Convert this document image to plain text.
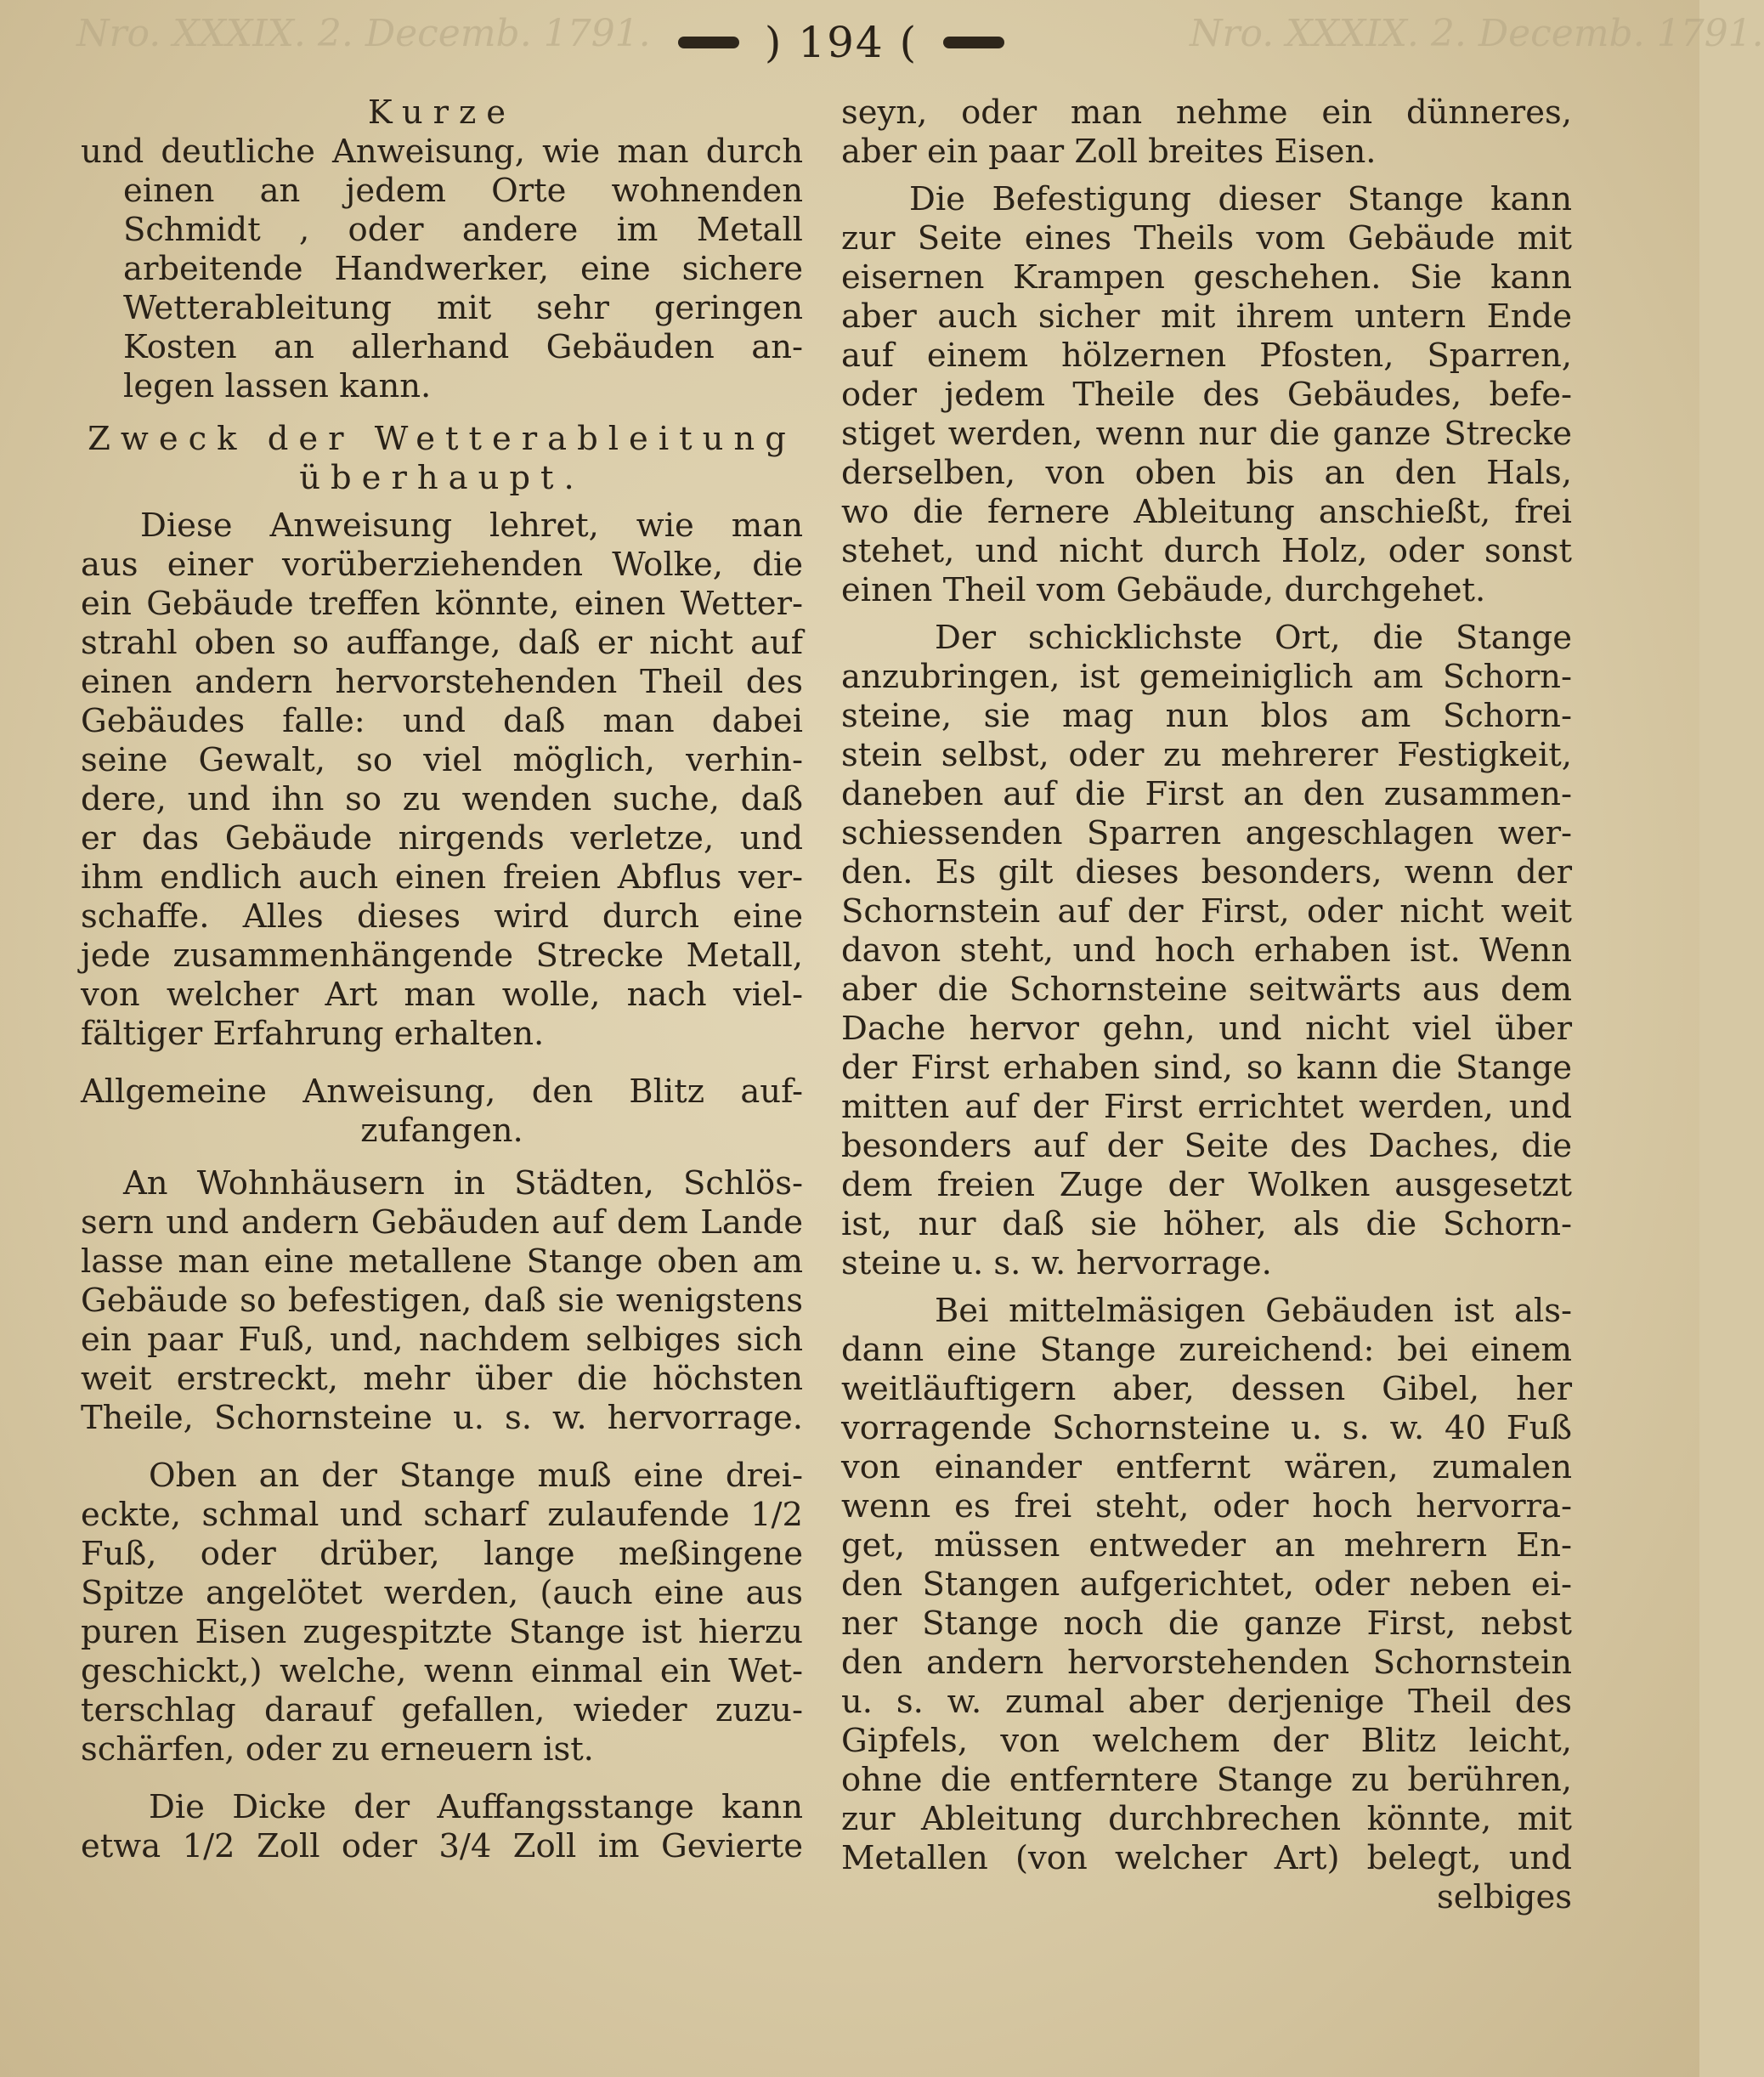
Nro. XXXIX. 2. Decemb. 1791.	Nro. XXXIX. 2. Decemb. 1791.
) 194 (
Kurze
und deutliche Anweisung, wie man durch
einen an jedem Orte wohnenden
Schmidt , oder andere im Metall
arbeitende Handwerker, eine sichere
Wetterableitung mit sehr geringen
Kosten an allerhand Gebäuden an-
legen lassen kann.
Zweck der Wetterableitung
überhaupt.
Diese Anweisung lehret, wie man
aus einer vorüberziehenden Wolke, die
ein Gebäude treffen könnte, einen Wetter-
strahl oben so auffange, daß er nicht auf
einen andern hervorstehenden Theil des
Gebäudes falle: und daß man dabei
seine Gewalt, so viel möglich, verhin-
dere, und ihn so zu wenden suche, daß
er das Gebäude nirgends verletze, und
ihm endlich auch einen freien Abflus ver-
schaffe. Alles dieses wird durch eine
jede zusammenhängende Strecke Metall,
von welcher Art man wolle, nach viel-
fältiger Erfahrung erhalten.
Allgemeine Anweisung, den Blitz auf-
zufangen.
An Wohnhäusern in Städten, Schlös-
sern und andern Gebäuden auf dem Lande
lasse man eine metallene Stange oben am
Gebäude so befestigen, daß sie wenigstens
ein paar Fuß, und, nachdem selbiges sich
weit erstreckt, mehr über die höchsten
Theile, Schornsteine u. s. w. hervorrage.
Oben an der Stange muß eine drei-
eckte, schmal und scharf zulaufende 1/2
Fuß, oder drüber, lange meßingene
Spitze angelötet werden, (auch eine aus
puren Eisen zugespitzte Stange ist hierzu
geschickt,) welche, wenn einmal ein Wet-
terschlag darauf gefallen, wieder zuzu-
schärfen, oder zu erneuern ist.
Die Dicke der Auffangsstange kann
etwa 1/2 Zoll oder 3/4 Zoll im Gevierte
seyn, oder man nehme ein dünneres,
aber ein paar Zoll breites Eisen.
Die Befestigung dieser Stange kann
zur Seite eines Theils vom Gebäude mit
eisernen Krampen geschehen. Sie kann
aber auch sicher mit ihrem untern Ende
auf einem hölzernen Pfosten, Sparren,
oder jedem Theile des Gebäudes, befe-
stiget werden, wenn nur die ganze Strecke
derselben, von oben bis an den Hals,
wo die fernere Ableitung anschießt, frei
stehet, und nicht durch Holz, oder sonst
einen Theil vom Gebäude, durchgehet.
Der schicklichste Ort, die Stange
anzubringen, ist gemeiniglich am Schorn-
steine, sie mag nun blos am Schorn-
stein selbst, oder zu mehrerer Festigkeit,
daneben auf die First an den zusammen-
schiessenden Sparren angeschlagen wer-
den. Es gilt dieses besonders, wenn der
Schornstein auf der First, oder nicht weit
davon steht, und hoch erhaben ist. Wenn
aber die Schornsteine seitwärts aus dem
Dache hervor gehn, und nicht viel über
der First erhaben sind, so kann die Stange
mitten auf der First errichtet werden, und
besonders auf der Seite des Daches, die
dem freien Zuge der Wolken ausgesetzt
ist, nur daß sie höher, als die Schorn-
steine u. s. w. hervorrage.
Bei mittelmäsigen Gebäuden ist als-
dann eine Stange zureichend: bei einem
weitläuftigern aber, dessen Gibel, her
vorragende Schornsteine u. s. w. 40 Fuß
von einander entfernt wären, zumalen
wenn es frei steht, oder hoch hervorra-
get, müssen entweder an mehrern En-
den Stangen aufgerichtet, oder neben ei-
ner Stange noch die ganze First, nebst
den andern hervorstehenden Schornstein
u. s. w. zumal aber derjenige Theil des
Gipfels, von welchem der Blitz leicht,
ohne die entferntere Stange zu berühren,
zur Ableitung durchbrechen könnte, mit
Metallen (von welcher Art) belegt, und
selbiges
